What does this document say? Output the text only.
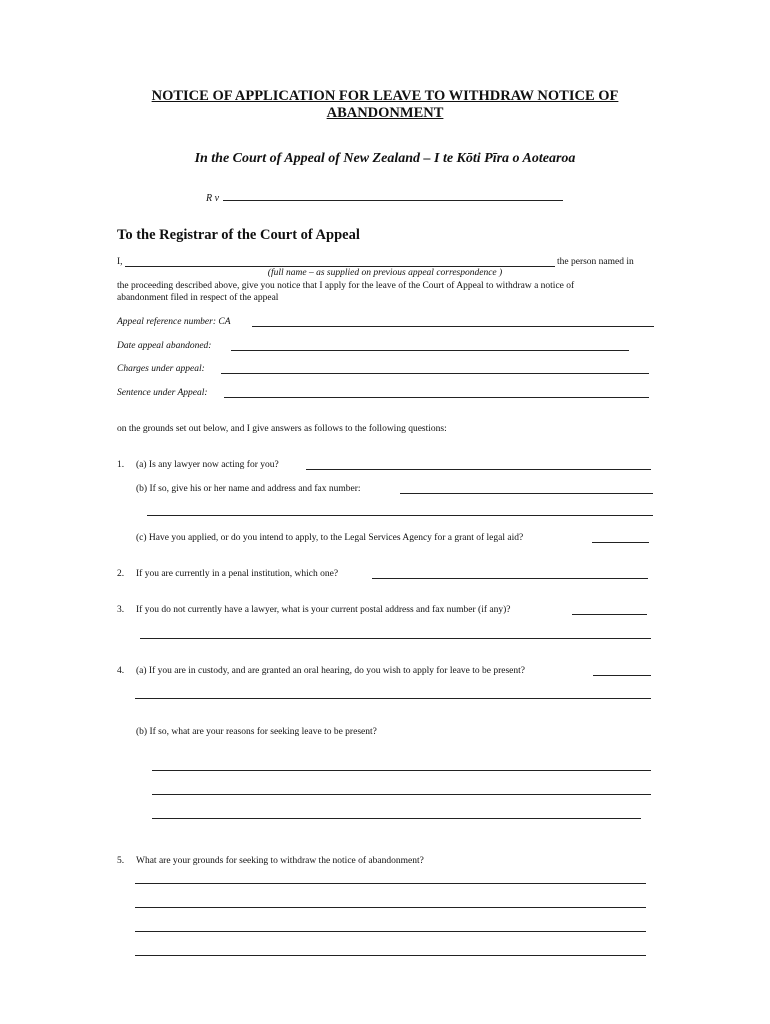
NOTICE OF APPLICATION FOR LEAVE TO WITHDRAW NOTICE OF
ABANDONMENT
In the Court of Appeal of New Zealand – I te Kōti Pīra o Aotearoa
R v
To the Registrar of the Court of Appeal
I,	the person named in
(full name – as supplied on previous appeal correspondence )
the proceeding described above, give you notice that I apply for the leave of the Court of Appeal to withdraw a notice of
abandonment filed in respect of the appeal
Appeal reference number: CA
Date appeal abandoned:
Charges under appeal:
Sentence under Appeal:
on the grounds set out below, and I give answers as follows to the following questions:
1. (a) Is any lawyer now acting for you?
(b) If so, give his or her name and address and fax number:
(c) Have you applied, or do you intend to apply, to the Legal Services Agency for a grant of legal aid?
2. If you are currently in a penal institution, which one?
3. If you do not currently have a lawyer, what is your current postal address and fax number (if any)?
4. (a) If you are in custody, and are granted an oral hearing, do you wish to apply for leave to be present?
(b) If so, what are your reasons for seeking leave to be present?
5. What are your grounds for seeking to withdraw the notice of abandonment?
